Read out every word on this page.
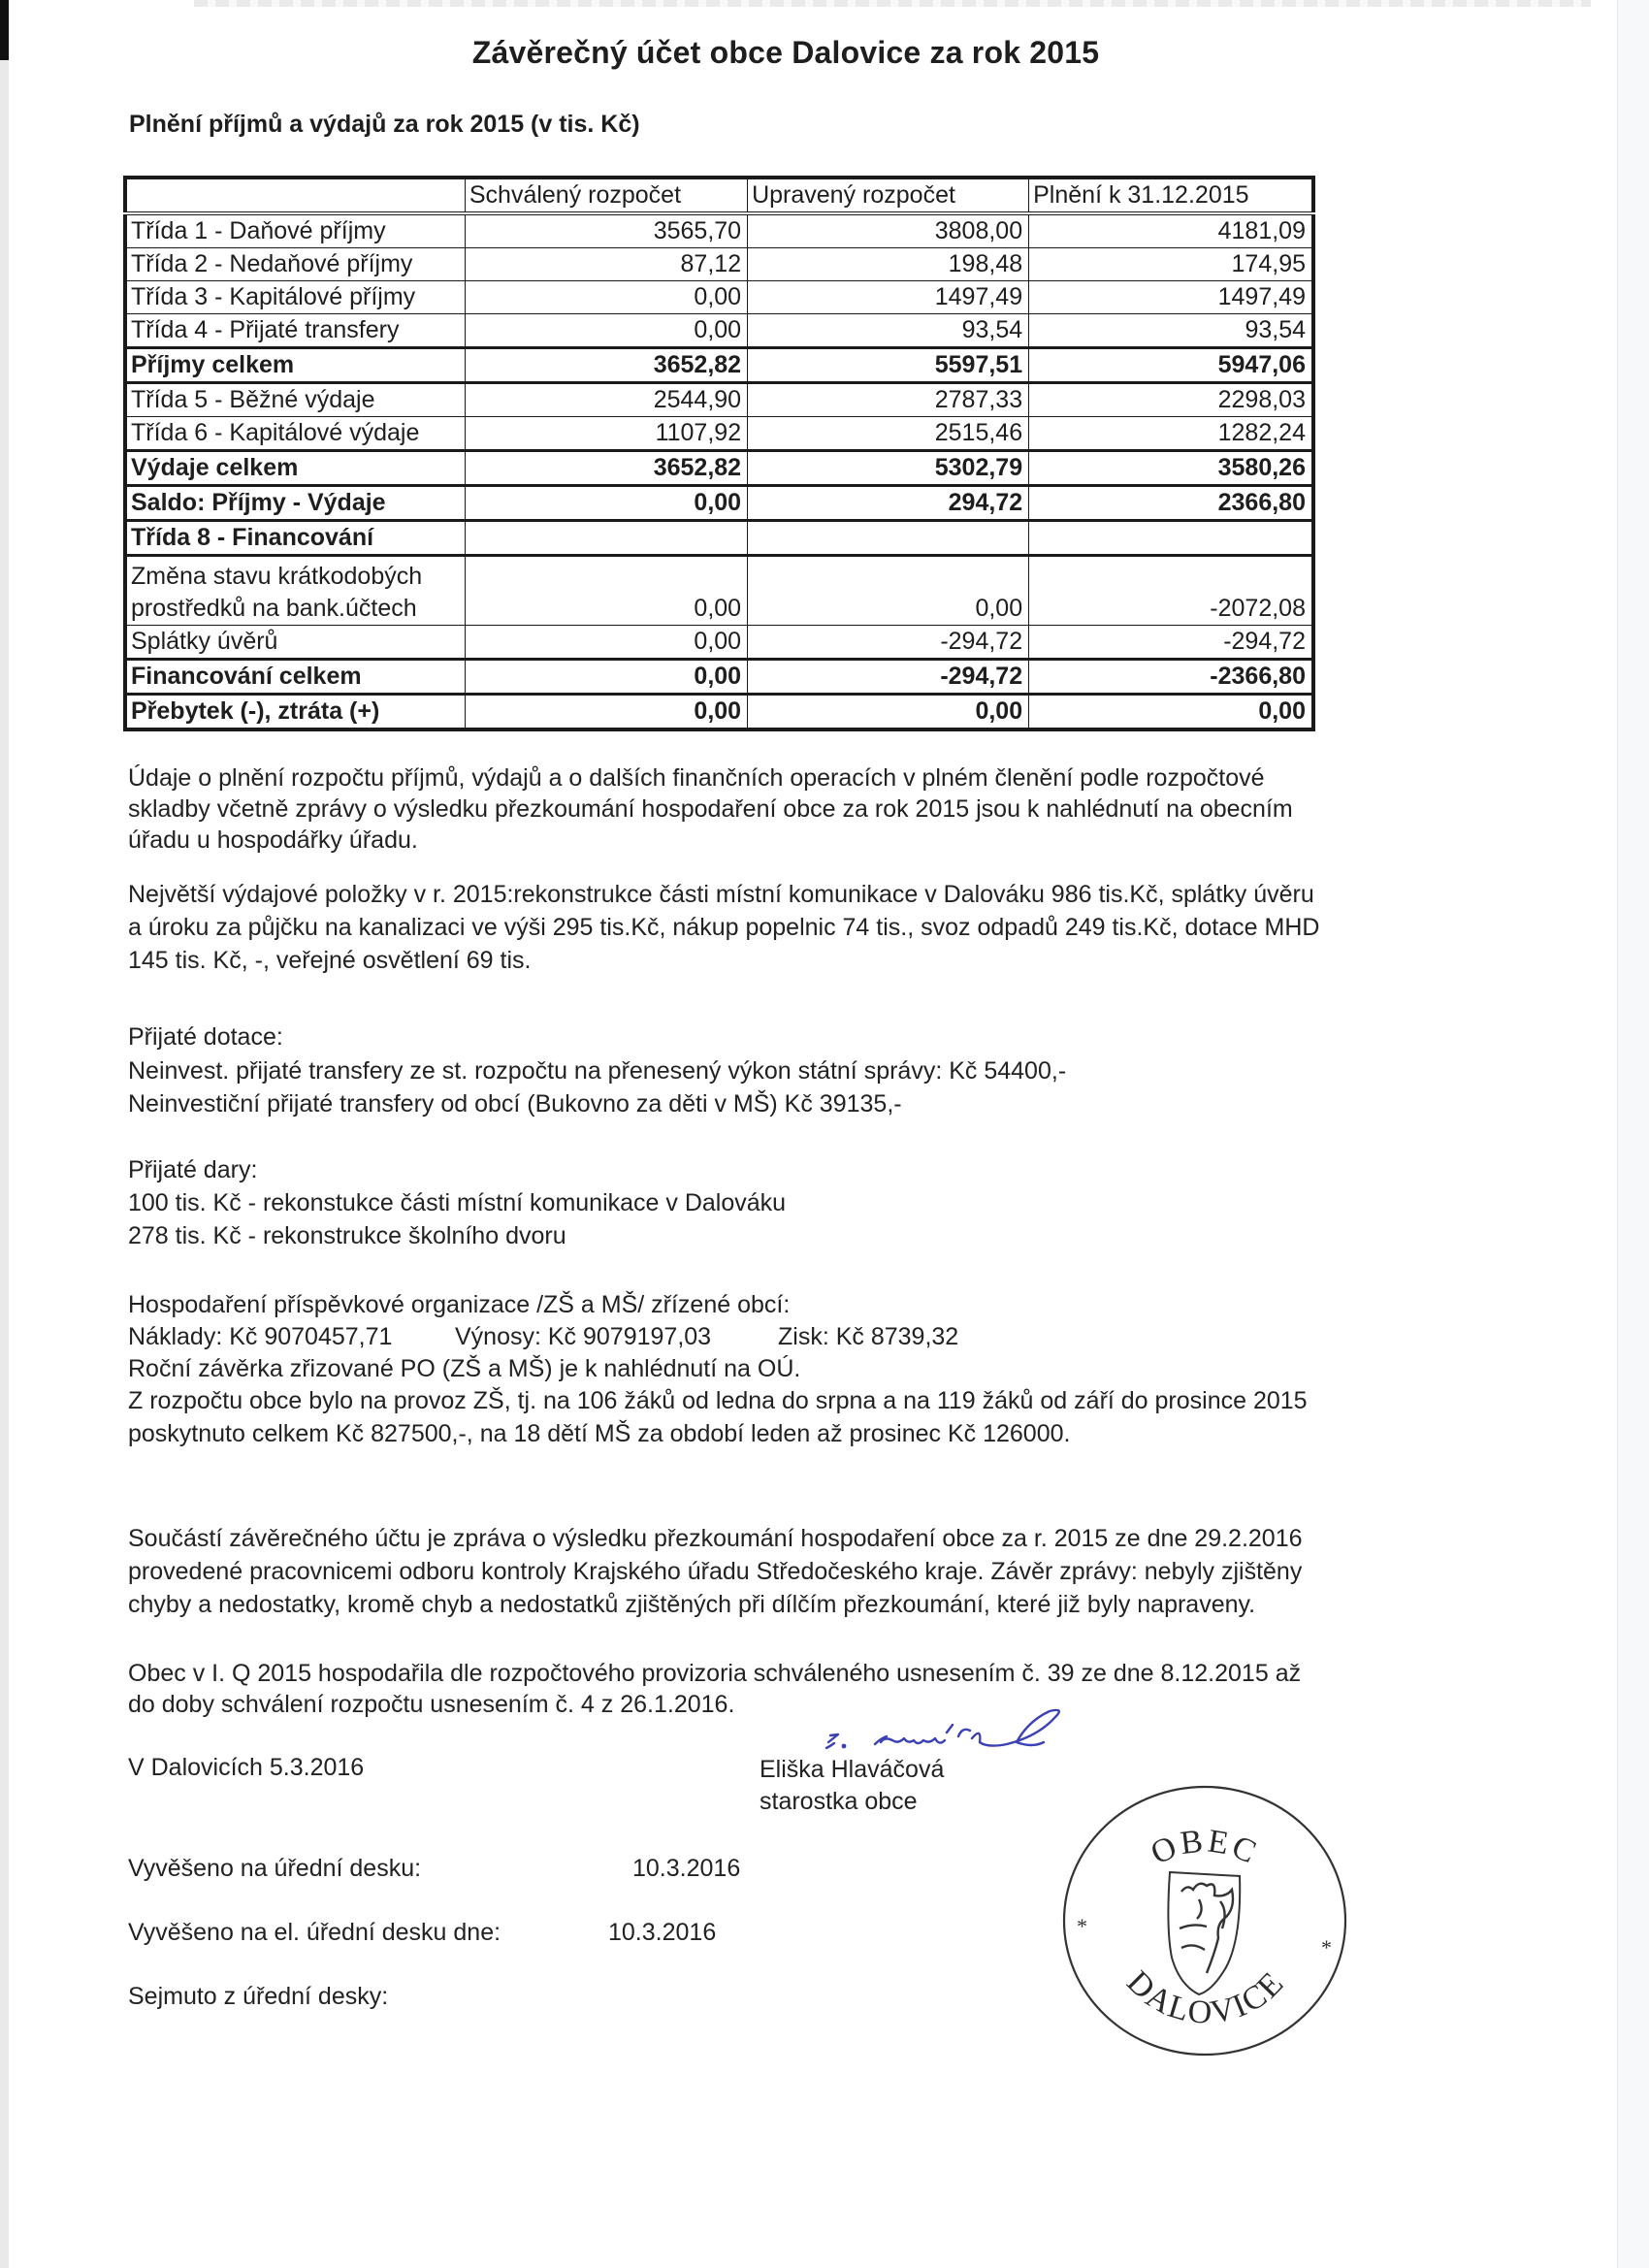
Závěrečný účet obce Dalovice za rok 2015
Plnění příjmů a výdajů za rok 2015 (v tis. Kč)
	Schválený rozpočet	Upravený rozpočet	Plnění k 31.12.2015
Třída 1 - Daňové příjmy	3565,70	3808,00	4181,09
Třída 2 - Nedaňové příjmy	87,12	198,48	174,95
Třída 3 - Kapitálové příjmy	0,00	1497,49	1497,49
Třída 4 - Přijaté transfery	0,00	93,54	93,54
Příjmy celkem	3652,82	5597,51	5947,06
Třída 5 - Běžné výdaje	2544,90	2787,33	2298,03
Třída 6 - Kapitálové výdaje	1107,92	2515,46	1282,24
Výdaje celkem	3652,82	5302,79	3580,26
Saldo: Příjmy - Výdaje	0,00	294,72	2366,80
Třída 8 - Financování			
Změna stavu krátkodobých prostředků na bank.účtech	0,00	0,00	-2072,08
Splátky úvěrů	0,00	-294,72	-294,72
Financování celkem	0,00	-294,72	-2366,80
Přebytek (-), ztráta (+)	0,00	0,00	0,00
Údaje o plnění rozpočtu příjmů, výdajů a o dalších finančních operacích v plném členění podle rozpočtové
skladby včetně zprávy o výsledku přezkoumání hospodaření obce za rok 2015 jsou k nahlédnutí na obecním
úřadu u hospodářky úřadu.
Největší výdajové položky v r. 2015:rekonstrukce části místní komunikace v Dalováku 986 tis.Kč, splátky úvěru
a úroku za půjčku na kanalizaci ve výši 295 tis.Kč, nákup popelnic 74 tis., svoz odpadů 249 tis.Kč, dotace MHD
145 tis. Kč, -, veřejné osvětlení 69 tis.
Přijaté dotace:
Neinvest. přijaté transfery ze st. rozpočtu na přenesený výkon státní správy: Kč 54400,-
Neinvestiční přijaté transfery od obcí (Bukovno za děti v MŠ) Kč 39135,-
Přijaté dary:
100 tis. Kč - rekonstukce části místní komunikace v Dalováku
278 tis. Kč - rekonstrukce školního dvoru
Hospodaření příspěvkové organizace /ZŠ a MŠ/ zřízené obcí:
Náklady: Kč 9070457,71	Výnosy: Kč 9079197,03	Zisk: Kč 8739,32
Roční závěrka zřizované PO (ZŠ a MŠ) je k nahlédnutí na OÚ.
Z rozpočtu obce bylo na provoz ZŠ, tj. na 106 žáků od ledna do srpna a na 119 žáků od září do prosince 2015
poskytnuto celkem Kč 827500,-, na 18 dětí MŠ za období leden až prosinec Kč 126000.
Součástí závěrečného účtu je zpráva o výsledku přezkoumání hospodaření obce za r. 2015 ze dne 29.2.2016
provedené pracovnicemi odboru kontroly Krajského úřadu Středočeského kraje. Závěr zprávy: nebyly zjištěny
chyby a nedostatky, kromě chyb a nedostatků zjištěných při dílčím přezkoumání, které již byly napraveny.
Obec v I. Q 2015 hospodařila dle rozpočtového provizoria schváleného usnesením č. 39 ze dne 8.12.2015 až
do doby schválení rozpočtu usnesením č. 4 z 26.1.2016.
V Dalovicích 5.3.2016	Eliška Hlaváčová
starostka obce
Vyvěšeno na úřední desku:	10.3.2016
Vyvěšeno na el. úřední desku dne:	10.3.2016
Sejmuto z úřední desky:
OBEC
DALOVICE
*
*
